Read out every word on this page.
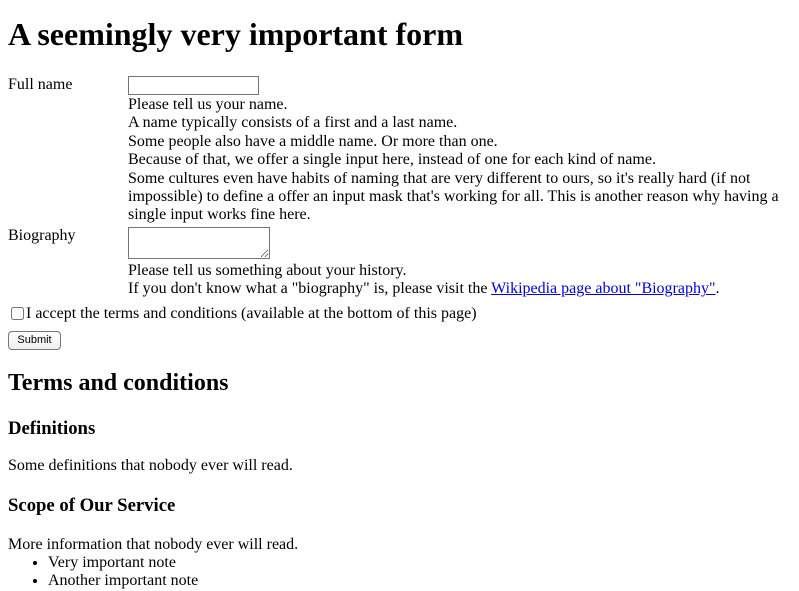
A seemingly very important form
Full name

Please tell us your name.

A name typically consists of a first and a last name.

Some people also have a middle name. Or more than one.

Because of that, we offer a single input here, instead of one for each kind of name.

Some cultures even have habits of naming that are very different to ours, so it's really hard (if not impossible) to define a offer an input mask that's working for all. This is another reason why having a single input works fine here.

Biography

Please tell us something about your history.

If you don't know what a "biography" is, please visit the Wikipedia page about "Biography".

I accept the terms and conditions (available at the bottom of this page)
Submit
Terms and conditions
Definitions

Some definitions that nobody ever will read.

Scope of Our Service

More information that nobody ever will read.

• Very important note
• Another important note
